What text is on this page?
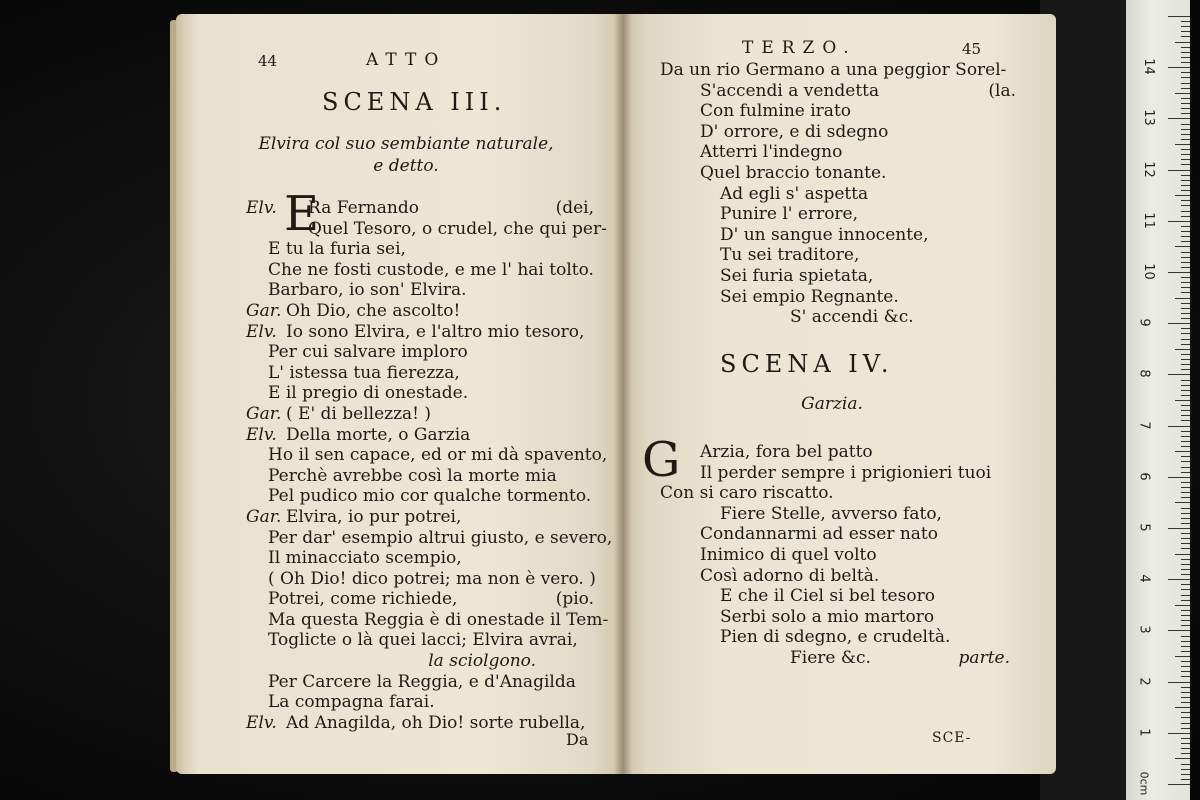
44	ATTO
SCENA III.
Elvira col suo sembiante naturale,
e detto.
E
Elv. Ra Fernando	(dei,
Quel Tesoro, o crudel, che qui per-
E tu la furia sei,
Che ne fosti custode, e me l' hai tolto.
Barbaro, io son' Elvira.
Gar. Oh Dio, che ascolto!
Elv. Io sono Elvira, e l'altro mio tesoro,
Per cui salvare imploro
L' istessa tua fierezza,
E il pregio di onestade.
Gar. ( E' di bellezza! )
Elv. Della morte, o Garzia
Ho il sen capace, ed or mi dà spavento,
Perchè avrebbe così la morte mia
Pel pudico mio cor qualche tormento.
Gar. Elvira, io pur potrei,
Per dar' esempio altrui giusto, e severo,
Il minacciato scempio,
( Oh Dio! dico potrei; ma non è vero. )
Potrei, come richiede,	(pio.
Ma questa Reggia è di onestade il Tem-
Toglicte o là quei lacci; Elvira avrai,
la sciolgono.
Per Carcere la Reggia, e d'Anagilda
La compagna farai.
Elv. Ad Anagilda, oh Dio! sorte rubella,
Da
TERZO.	45
Da un rio Germano a una peggior Sorel-
S'accendi a vendetta	(la.
Con fulmine irato
D' orrore, e di sdegno
Atterri l'indegno
Quel braccio tonante.
Ad egli s' aspetta
Punire l' errore,
D' un sangue innocente,
Tu sei traditore,
Sei furia spietata,
Sei empio Regnante.
S' accendi &c.
SCENA IV.
Garzia.
G Arzia, fora bel patto
Il perder sempre i prigionieri tuoi
Con si caro riscatto.
Fiere Stelle, avverso fato,
Condannarmi ad esser nato
Inimico di quel volto
Così adorno di beltà.
E che il Ciel si bel tesoro
Serbi solo a mio martoro
Pien di sdegno, e crudeltà.
Fiere &c.	parte.
SCE-
0cm
1
2
3
4
5
6
7
8
9
10
11
12
13
14
